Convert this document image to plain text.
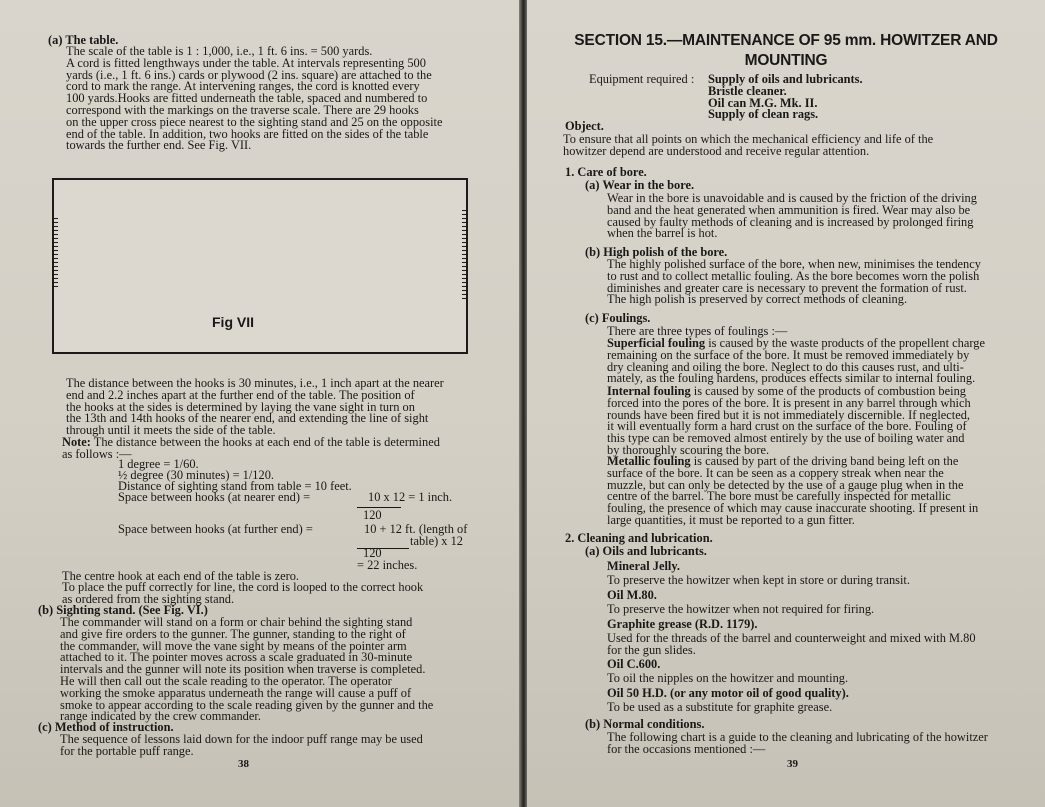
(a) The table.

The scale of the table is 1 : 1,000, i.e., 1 ft. 6 ins. = 500 yards.
A cord is fitted lengthways under the table. At intervals representing 500
yards (i.e., 1 ft. 6 ins.) cards or plywood (2 ins. square) are attached to the
cord to mark the range. At intervening ranges, the cord is knotted every
100 yards.Hooks are fitted underneath the table, spaced and numbered to
correspond with the markings on the traverse scale. There are 29 hooks
on the upper cross piece nearest to the sighting stand and 25 on the opposite
end of the table. In addition, two hooks are fitted on the sides of the table
towards the further end. See Fig. VII.

Fig VII

The distance between the hooks is 30 minutes, i.e., 1 inch apart at the nearer
end and 2.2 inches apart at the further end of the table. The position of
the hooks at the sides is determined by laying the vane sight in turn on
the 13th and 14th hooks of the nearer end, and extending the line of sight
through until it meets the side of the table.

Note: The distance between the hooks at each end of the table is determined
as follows :—

1 degree = 1/60.

½ degree (30 minutes) = 1/120.

Distance of sighting stand from table = 10 feet.

Space between hooks (at nearer end) =	10 x 12 = 1 inch.

120

Space between hooks (at further end) =	10 + 12 ft. (length of

table) x 12

120

= 22 inches.

The centre hook at each end of the table is zero.

To place the puff correctly for line, the cord is looped to the correct hook
as ordered from the sighting stand.

(b) Sighting stand. (See Fig. VI.)

The commander will stand on a form or chair behind the sighting stand
and give fire orders to the gunner. The gunner, standing to the right of
the commander, will move the vane sight by means of the pointer arm
attached to it. The pointer moves across a scale graduated in 30-minute
intervals and the gunner will note its position when traverse is completed.
He will then call out the scale reading to the operator. The operator
working the smoke apparatus underneath the range will cause a puff of
smoke to appear according to the scale reading given by the gunner and the
range indicated by the crew commander.

(c) Method of instruction.

The sequence of lessons laid down for the indoor puff range may be used
for the portable puff range.

38
SECTION 15.—MAINTENANCE OF 95 mm. HOWITZER AND
MOUNTING

Equipment required : Supply of oils and lubricants.
Bristle cleaner.
Oil can M.G. Mk. II.
Supply of clean rags.

Object.

To ensure that all points on which the mechanical efficiency and life of the
howitzer depend are understood and receive regular attention.

1. Care of bore.

(a) Wear in the bore.

Wear in the bore is unavoidable and is caused by the friction of the driving
band and the heat generated when ammunition is fired. Wear may also be
caused by faulty methods of cleaning and is increased by prolonged firing
when the barrel is hot.

(b) High polish of the bore.

The highly polished surface of the bore, when new, minimises the tendency
to rust and to collect metallic fouling. As the bore becomes worn the polish
diminishes and greater care is necessary to prevent the formation of rust.
The high polish is preserved by correct methods of cleaning.

(c) Foulings.

There are three types of foulings :—

Superficial fouling is caused by the waste products of the propellent charge
remaining on the surface of the bore. It must be removed immediately by
dry cleaning and oiling the bore. Neglect to do this causes rust, and ulti-
mately, as the fouling hardens, produces effects similar to internal fouling.

Internal fouling is caused by some of the products of combustion being
forced into the pores of the bore. It is present in any barrel through which
rounds have been fired but it is not immediately discernible. If neglected,
it will eventually form a hard crust on the surface of the bore. Fouling of
this type can be removed almost entirely by the use of boiling water and
by thoroughly scouring the bore.

Metallic fouling is caused by part of the driving band being left on the
surface of the bore. It can be seen as a coppery streak when near the
muzzle, but can only be detected by the use of a gauge plug when in the
centre of the barrel. The bore must be carefully inspected for metallic
fouling, the presence of which may cause inaccurate shooting. If present in
large quantities, it must be reported to a gun fitter.

2. Cleaning and lubrication.

(a) Oils and lubricants.

Mineral Jelly.

To preserve the howitzer when kept in store or during transit.

Oil M.80.

To preserve the howitzer when not required for firing.

Graphite grease (R.D. 1179).

Used for the threads of the barrel and counterweight and mixed with M.80
for the gun slides.

Oil C.600.

To oil the nipples on the howitzer and mounting.

Oil 50 H.D. (or any motor oil of good quality).

To be used as a substitute for graphite grease.

(b) Normal conditions.

The following chart is a guide to the cleaning and lubricating of the howitzer
for the occasions mentioned :—

39
